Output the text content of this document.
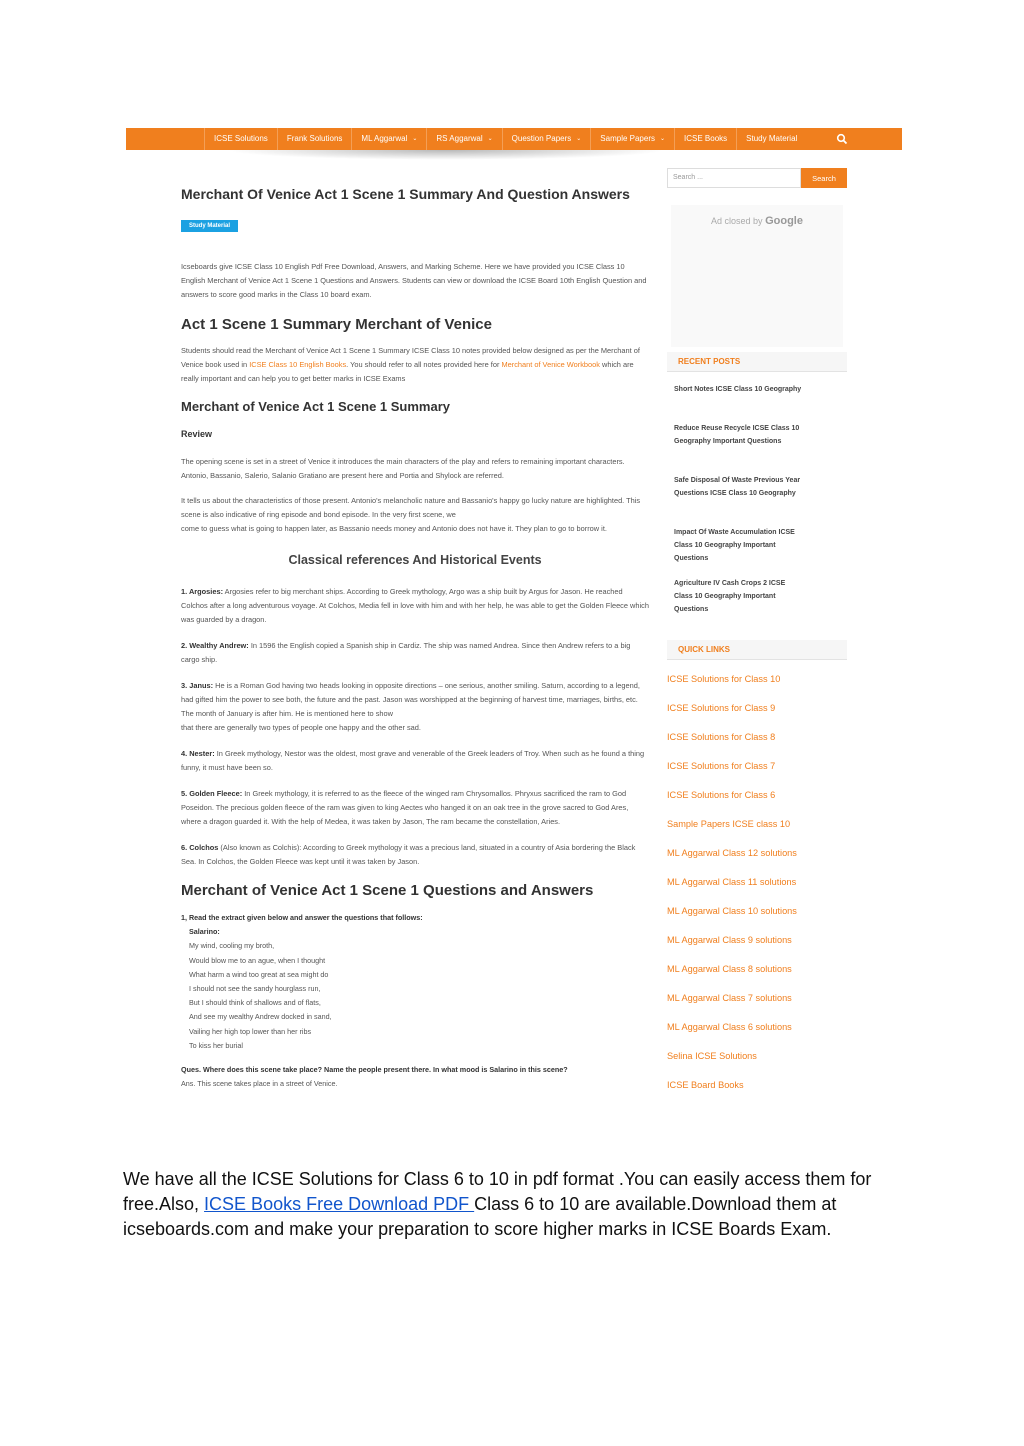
ICSE Solutions Frank Solutions ML Aggarwal ⌄ RS Aggarwal ⌄ Question Papers ⌄ Sample Papers ⌄ ICSE Books Study Material
Merchant Of Venice Act 1 Scene 1 Summary And Question Answers
Study Material
Icseboards give ICSE Class 10 English Pdf Free Download, Answers, and Marking Scheme. Here we have provided you ICSE Class 10 English Merchant of Venice Act 1 Scene 1 Questions and Answers. Students can view or download the ICSE Board 10th English Question and answers to score good marks in the Class 10 board exam.
Act 1 Scene 1 Summary Merchant of Venice
Students should read the Merchant of Venice Act 1 Scene 1 Summary ICSE Class 10 notes provided below designed as per the Merchant of Venice book used in ICSE Class 10 English Books. You should refer to all notes provided here for Merchant of Venice Workbook which are really important and can help you to get better marks in ICSE Exams
Merchant of Venice Act 1 Scene 1 Summary
Review
The opening scene is set in a street of Venice it introduces the main characters of the play and refers to remaining important characters. Antonio, Bassanio, Salerio, Salanio Gratiano are present here and Portia and Shylock are referred.
It tells us about the characteristics of those present. Antonio's melancholic nature and Bassanio's happy go lucky nature are highlighted. This scene is also indicative of ring episode and bond episode. In the very first scene, we
come to guess what is going to happen later, as Bassanio needs money and Antonio does not have it. They plan to go to borrow it.
Classical references And Historical Events
1. Argosies: Argosies refer to big merchant ships. According to Greek mythology, Argo was a ship built by Argus for Jason. He reached Colchos after a long adventurous voyage. At Colchos, Media fell in love with him and with her help, he was able to get the Golden Fleece which was guarded by a dragon.
2. Wealthy Andrew: In 1596 the English copied a Spanish ship in Cardiz. The ship was named Andrea. Since then Andrew refers to a big cargo ship.
3. Janus: He is a Roman God having two heads looking in opposite directions – one serious, another smiling. Saturn, according to a legend, had gifted him the power to see both, the future and the past. Jason was worshipped at the beginning of harvest time, marriages, births, etc. The month of January is after him. He is mentioned here to show
that there are generally two types of people one happy and the other sad.
4. Nester: In Greek mythology, Nestor was the oldest, most grave and venerable of the Greek leaders of Troy. When such as he found a thing funny, it must have been so.
5. Golden Fleece: In Greek mythology, it is referred to as the fleece of the winged ram Chrysomallos. Phryxus sacrificed the ram to God Poseidon. The precious golden fleece of the ram was given to king Aectes who hanged it on an oak tree in the grove sacred to God Ares, where a dragon guarded it. With the help of Medea, it was taken by Jason, The ram became the constellation, Aries.
6. Colchos (Also known as Colchis): According to Greek mythology it was a precious land, situated in a country of Asia bordering the Black Sea. In Colchos, the Golden Fleece was kept until it was taken by Jason.
Merchant of Venice Act 1 Scene 1 Questions and Answers
1, Read the extract given below and answer the questions that follows:
Salarino:
My wind, cooling my broth,
Would blow me to an ague, when I thought
What harm a wind too great at sea might do
I should not see the sandy hourglass run,
But I should think of shallows and of flats,
And see my wealthy Andrew docked in sand,
Vailing her high top lower than her ribs
To kiss her burial
Ques. Where does this scene take place? Name the people present there. In what mood is Salarino in this scene?
Ans. This scene takes place in a street of Venice.
Search ...	Search
Ad closed by Google
RECENT POSTS
Short Notes ICSE Class 10 Geography
Reduce Reuse Recycle ICSE Class 10 Geography Important Questions
Safe Disposal Of Waste Previous Year Questions ICSE Class 10 Geography
Impact Of Waste Accumulation ICSE Class 10 Geography Important Questions
Agriculture IV Cash Crops 2 ICSE Class 10 Geography Important Questions
QUICK LINKS
ICSE Solutions for Class 10
ICSE Solutions for Class 9
ICSE Solutions for Class 8
ICSE Solutions for Class 7
ICSE Solutions for Class 6
Sample Papers ICSE class 10
ML Aggarwal Class 12 solutions
ML Aggarwal Class 11 solutions
ML Aggarwal Class 10 solutions
ML Aggarwal Class 9 solutions
ML Aggarwal Class 8 solutions
ML Aggarwal Class 7 solutions
ML Aggarwal Class 6 solutions
Selina ICSE Solutions
ICSE Board Books
We have all the ICSE Solutions for Class 6 to 10 in pdf format .You can easily access them for free.Also, ICSE Books Free Download PDF Class 6 to 10 are available.Download them at icseboards.com and make your preparation to score higher marks in ICSE Boards Exam.
